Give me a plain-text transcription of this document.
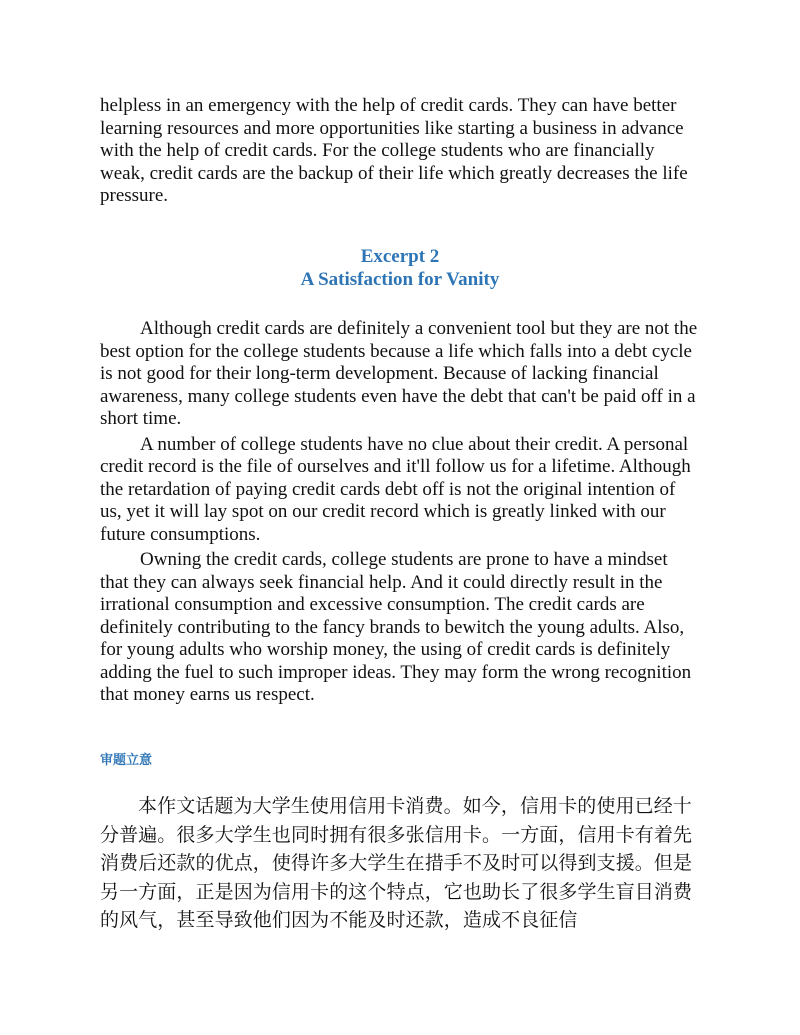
helpless in an emergency with the help of credit cards. They can have better learning resources and more opportunities like starting a business in advance with the help of credit cards. For the college students who are financially weak, credit cards are the backup of their life which greatly decreases the life pressure.

Excerpt 2

A Satisfaction for Vanity

Although credit cards are definitely a convenient tool but they are not the best option for the college students because a life which falls into a debt cycle is not good for their long-term development. Because of lacking financial awareness, many college students even have the debt that can't be paid off in a short time.

A number of college students have no clue about their credit. A personal credit record is the file of ourselves and it'll follow us for a lifetime. Although the retardation of paying credit cards debt off is not the original intention of us, yet it will lay spot on our credit record which is greatly linked with our future consumptions.

Owning the credit cards, college students are prone to have a mindset that they can always seek financial help. And it could directly result in the irrational consumption and excessive consumption. The credit cards are definitely contributing to the fancy brands to bewitch the young adults. Also, for young adults who worship money, the using of credit cards is definitely adding the fuel to such improper ideas. They may form the wrong recognition that money earns us respect.

审题立意

本作文话题为大学生使用信用卡消费。如今，信用卡的使用已经十分普遍。很多大学生也同时拥有很多张信用卡。一方面，信用卡有着先消费后还款的优点，使得许多大学生在措手不及时可以得到支援。但是另一方面，正是因为信用卡的这个特点，它也助长了很多学生盲目消费的风气，甚至导致他们因为不能及时还款，造成不良征信
